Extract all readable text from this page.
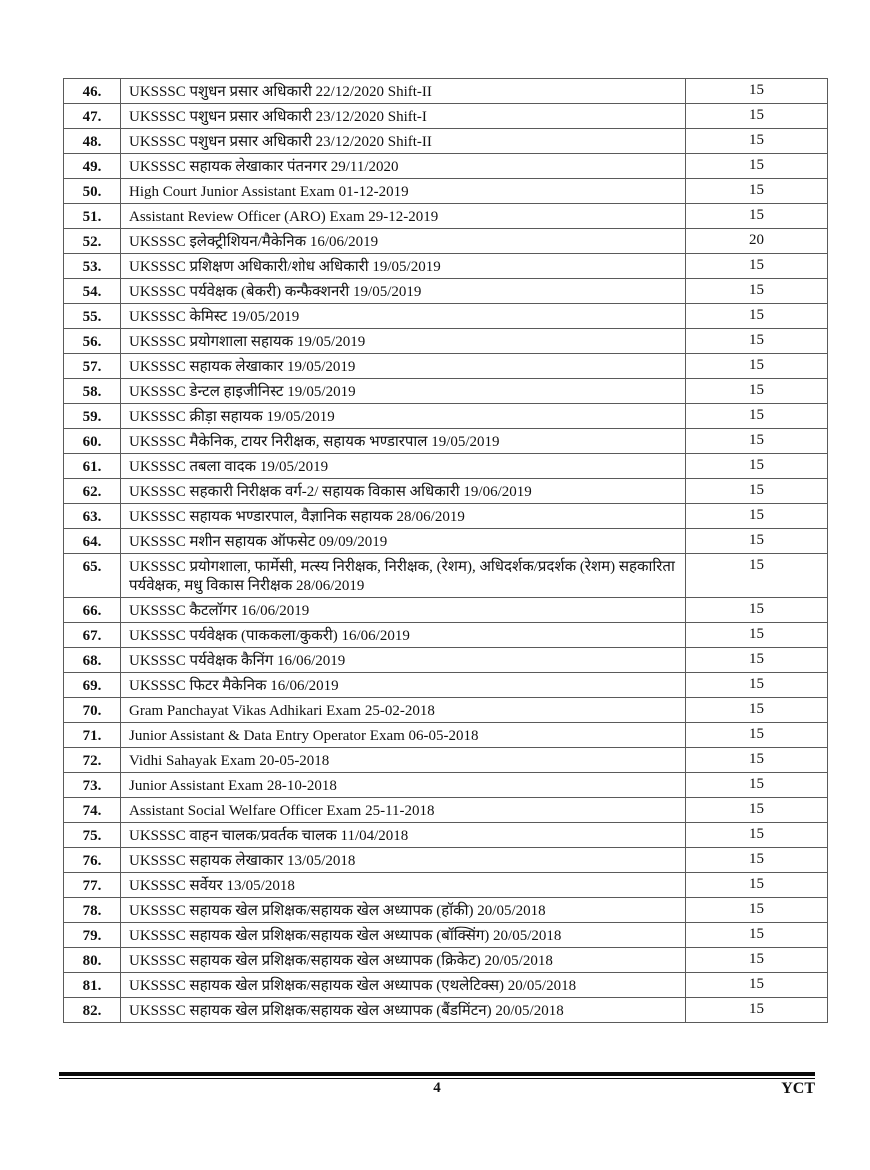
46.	UKSSSC पशुधन प्रसार अधिकारी 22/12/2020 Shift-II	15
47.	UKSSSC पशुधन प्रसार अधिकारी 23/12/2020 Shift-I	15
48.	UKSSSC पशुधन प्रसार अधिकारी 23/12/2020 Shift-II	15
49.	UKSSSC सहायक लेखाकार पंतनगर 29/11/2020	15
50.	High Court Junior Assistant Exam 01-12-2019	15
51.	Assistant Review Officer (ARO) Exam 29-12-2019	15
52.	UKSSSC इलेक्ट्रीशियन/मैकेनिक 16/06/2019	20
53.	UKSSSC प्रशिक्षण अधिकारी/शोध अधिकारी 19/05/2019	15
54.	UKSSSC पर्यवेक्षक (बेकरी) कन्फैक्शनरी 19/05/2019	15
55.	UKSSSC केमिस्ट 19/05/2019	15
56.	UKSSSC प्रयोगशाला सहायक 19/05/2019	15
57.	UKSSSC सहायक लेखाकार 19/05/2019	15
58.	UKSSSC डेन्टल हाइजीनिस्ट 19/05/2019	15
59.	UKSSSC क्रीड़ा सहायक 19/05/2019	15
60.	UKSSSC मैकेनिक, टायर निरीक्षक, सहायक भण्डारपाल 19/05/2019	15
61.	UKSSSC तबला वादक 19/05/2019	15
62.	UKSSSC सहकारी निरीक्षक वर्ग-2/ सहायक विकास अधिकारी 19/06/2019	15
63.	UKSSSC सहायक भण्डारपाल, वैज्ञानिक सहायक 28/06/2019	15
64.	UKSSSC मशीन सहायक ऑफसेट 09/09/2019	15
65.	UKSSSC प्रयोगशाला, फार्मेसी, मत्स्य निरीक्षक, निरीक्षक, (रेशम), अधिदर्शक/प्रदर्शक (रेशम) सहकारिता पर्यवेक्षक, मधु विकास निरीक्षक 28/06/2019	15
66.	UKSSSC कैटलॉगर 16/06/2019	15
67.	UKSSSC पर्यवेक्षक (पाककला/कुकरी) 16/06/2019	15
68.	UKSSSC पर्यवेक्षक कैनिंग 16/06/2019	15
69.	UKSSSC फिटर मैकेनिक 16/06/2019	15
70.	Gram Panchayat Vikas Adhikari Exam 25-02-2018	15
71.	Junior Assistant & Data Entry Operator Exam 06-05-2018	15
72.	Vidhi Sahayak Exam 20-05-2018	15
73.	Junior Assistant Exam 28-10-2018	15
74.	Assistant Social Welfare Officer Exam 25-11-2018	15
75.	UKSSSC वाहन चालक/प्रवर्तक चालक 11/04/2018	15
76.	UKSSSC सहायक लेखाकार 13/05/2018	15
77.	UKSSSC सर्वेयर 13/05/2018	15
78.	UKSSSC सहायक खेल प्रशिक्षक/सहायक खेल अध्यापक (हॉकी) 20/05/2018	15
79.	UKSSSC सहायक खेल प्रशिक्षक/सहायक खेल अध्यापक (बॉक्सिंग) 20/05/2018	15
80.	UKSSSC सहायक खेल प्रशिक्षक/सहायक खेल अध्यापक (क्रिकेट) 20/05/2018	15
81.	UKSSSC सहायक खेल प्रशिक्षक/सहायक खेल अध्यापक (एथलेटिक्स) 20/05/2018	15
82.	UKSSSC सहायक खेल प्रशिक्षक/सहायक खेल अध्यापक (बैंडमिंटन) 20/05/2018	15
4	YCT
